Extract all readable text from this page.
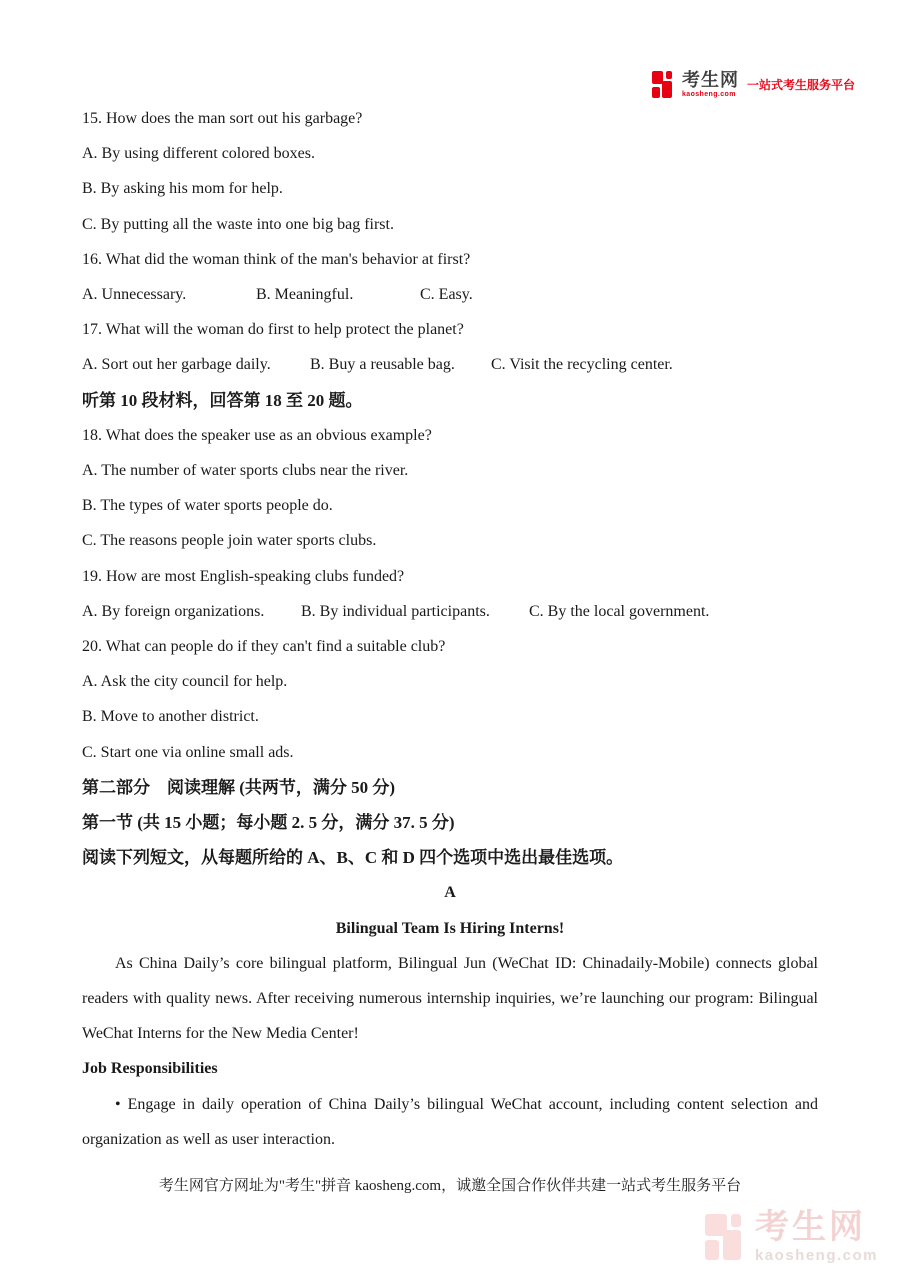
考生网
kaosheng.com
一站式考生服务平台
15. How does the man sort out his garbage?
A. By using different colored boxes.
B. By asking his mom for help.
C. By putting all the waste into one big bag first.
16. What did the woman think of the man's behavior at first?
A. Unnecessary.	B. Meaningful.	C. Easy.
17. What will the woman do first to help protect the planet?
A. Sort out her garbage daily. B. Buy a reusable bag. C. Visit the recycling center.
听第 10 段材料，回答第 18 至 20 题。
18. What does the speaker use as an obvious example?
A. The number of water sports clubs near the river.
B. The types of water sports people do.
C. The reasons people join water sports clubs.
19. How are most English-speaking clubs funded?
A. By foreign organizations. B. By individual participants. C. By the local government.
20. What can people do if they can't find a suitable club?
A. Ask the city council for help.
B. Move to another district.
C. Start one via online small ads.
第二部分　阅读理解 (共两节，满分 50 分)
第一节 (共 15 小题；每小题 2. 5 分，满分 37. 5 分)
阅读下列短文，从每题所给的 A、B、C 和 D 四个选项中选出最佳选项。
A
Bilingual Team Is Hiring Interns!
As China Daily’s core bilingual platform, Bilingual Jun (WeChat ID: Chinadaily-Mobile) connects global readers with quality news. After receiving numerous internship inquiries, we’re launching our program: Bilingual WeChat Interns for the New Media Center!
Job Responsibilities
• Engage in daily operation of China Daily’s bilingual WeChat account, including content selection and organization as well as user interaction.
考生网官方网址为"考生"拼音 kaosheng.com，诚邀全国合作伙伴共建一站式考生服务平台
考生网
kaosheng.com
